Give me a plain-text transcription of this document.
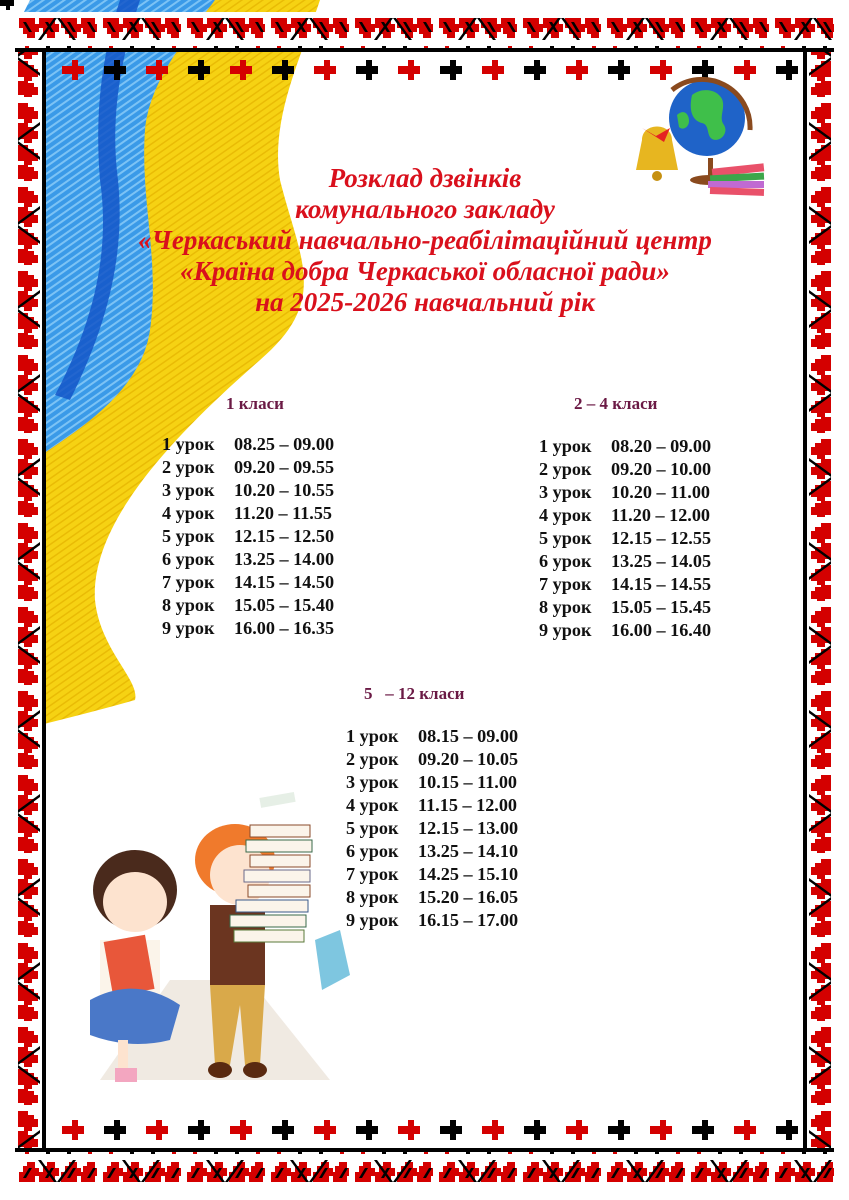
Розклад дзвінків
комунального закладу
«Черкаський навчально-реабілітаційний центр
«Країна добра Черкаської обласної ради»
на 2025-2026 навчальний рік
1 класи
1 урок	08.25 – 09.00
2 урок	09.20 – 09.55
3 урок	10.20 – 10.55
4 урок	11.20 – 11.55
5 урок	12.15 – 12.50
6 урок	13.25 – 14.00
7 урок	14.15 – 14.50
8 урок	15.05 – 15.40
9 урок	16.00 – 16.35
2 – 4 класи
1 урок	08.20 – 09.00
2 урок	09.20 – 10.00
3 урок	10.20 – 11.00
4 урок	11.20 – 12.00
5 урок	12.15 – 12.55
6 урок	13.25 – 14.05
7 урок	14.15 – 14.55
8 урок	15.05 – 15.45
9 урок	16.00 – 16.40
5   – 12 класи
1 урок	08.15 – 09.00
2 урок	09.20 – 10.05
3 урок	10.15 – 11.00
4 урок	11.15 – 12.00
5 урок	12.15 – 13.00
6 урок	13.25 – 14.10
7 урок	14.25 – 15.10
8 урок	15.20 – 16.05
9 урок	16.15 – 17.00
